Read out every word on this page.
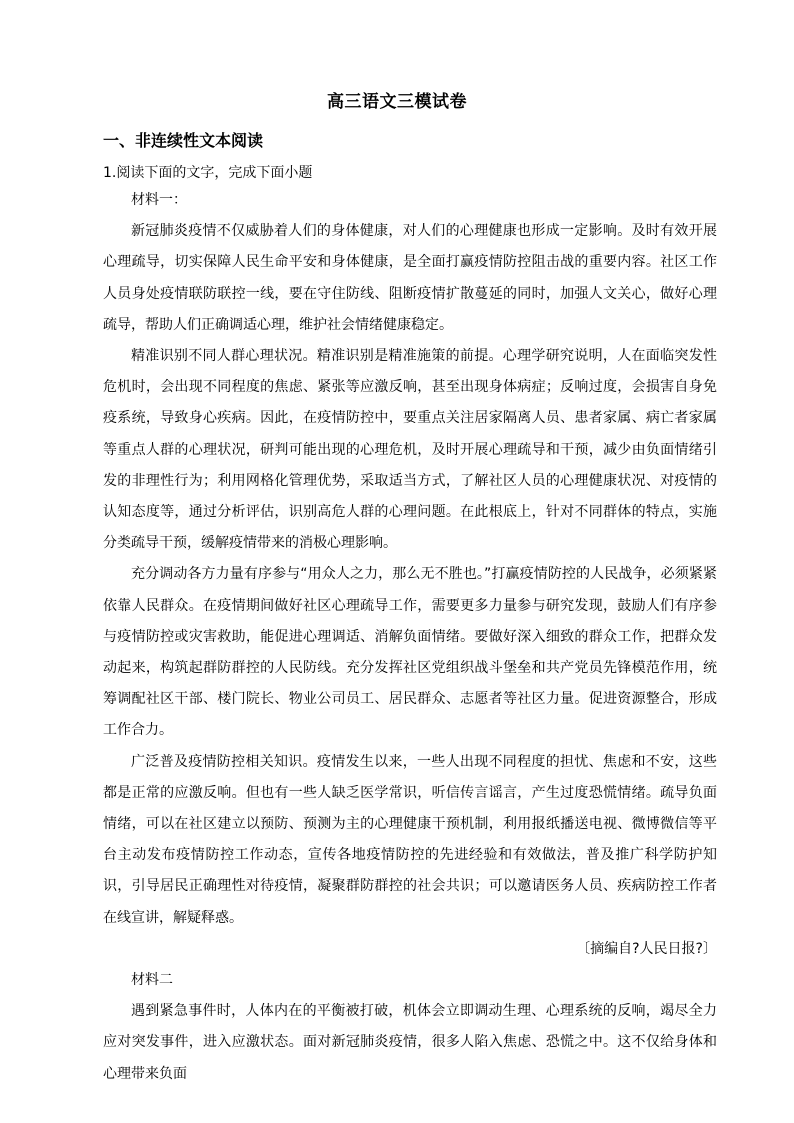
高三语文三模试卷
一、非连续性文本阅读
1.阅读下面的文字，完成下面小题

材料一：

新冠肺炎疫情不仅威胁着人们的身体健康，对人们的心理健康也形成一定影响。及时有效开展心理疏导，切实保障人民生命平安和身体健康，是全面打赢疫情防控阻击战的重要内容。社区工作人员身处疫情联防联控一线，要在守住防线、阻断疫情扩散蔓延的同时，加强人文关心，做好心理疏导，帮助人们正确调适心理，维护社会情绪健康稳定。

精准识别不同人群心理状况。精准识别是精准施策的前提。心理学研究说明，人在面临突发性危机时，会出现不同程度的焦虑、紧张等应激反响，甚至出现身体病症；反响过度，会损害自身免疫系统，导致身心疾病。因此，在疫情防控中，要重点关注居家隔离人员、患者家属、病亡者家属等重点人群的心理状况，研判可能出现的心理危机，及时开展心理疏导和干预，减少由负面情绪引发的非理性行为；利用网格化管理优势，采取适当方式，了解社区人员的心理健康状况、对疫情的认知态度等，通过分析评估，识别高危人群的心理问题。在此根底上，针对不同群体的特点，实施分类疏导干预，缓解疫情带来的消极心理影响。

充分调动各方力量有序参与“用众人之力，那么无不胜也。”打赢疫情防控的人民战争，必须紧紧依靠人民群众。在疫情期间做好社区心理疏导工作，需要更多力量参与研究发现，鼓励人们有序参与疫情防控或灾害救助，能促进心理调适、消解负面情绪。要做好深入细致的群众工作，把群众发动起来，构筑起群防群控的人民防线。充分发挥社区党组织战斗堡垒和共产党员先锋模范作用，统筹调配社区干部、楼门院长、物业公司员工、居民群众、志愿者等社区力量。促进资源整合，形成工作合力。

广泛普及疫情防控相关知识。疫情发生以来，一些人出现不同程度的担忧、焦虑和不安，这些都是正常的应激反响。但也有一些人缺乏医学常识，听信传言谣言，产生过度恐慌情绪。疏导负面情绪，可以在社区建立以预防、预测为主的心理健康干预机制，利用报纸播送电视、微博微信等平台主动发布疫情防控工作动态，宣传各地疫情防控的先进经验和有效做法，普及推广科学防护知识，引导居民正确理性对待疫情，凝聚群防群控的社会共识；可以邀请医务人员、疾病防控工作者在线宣讲，解疑释惑。

〔摘编自?人民日报?〕

材料二

遇到紧急事件时，人体内在的平衡被打破，机体会立即调动生理、心理系统的反响，竭尽全力应对突发事件，进入应激状态。面对新冠肺炎疫情，很多人陷入焦虑、恐慌之中。这不仅给身体和心理带来负面
